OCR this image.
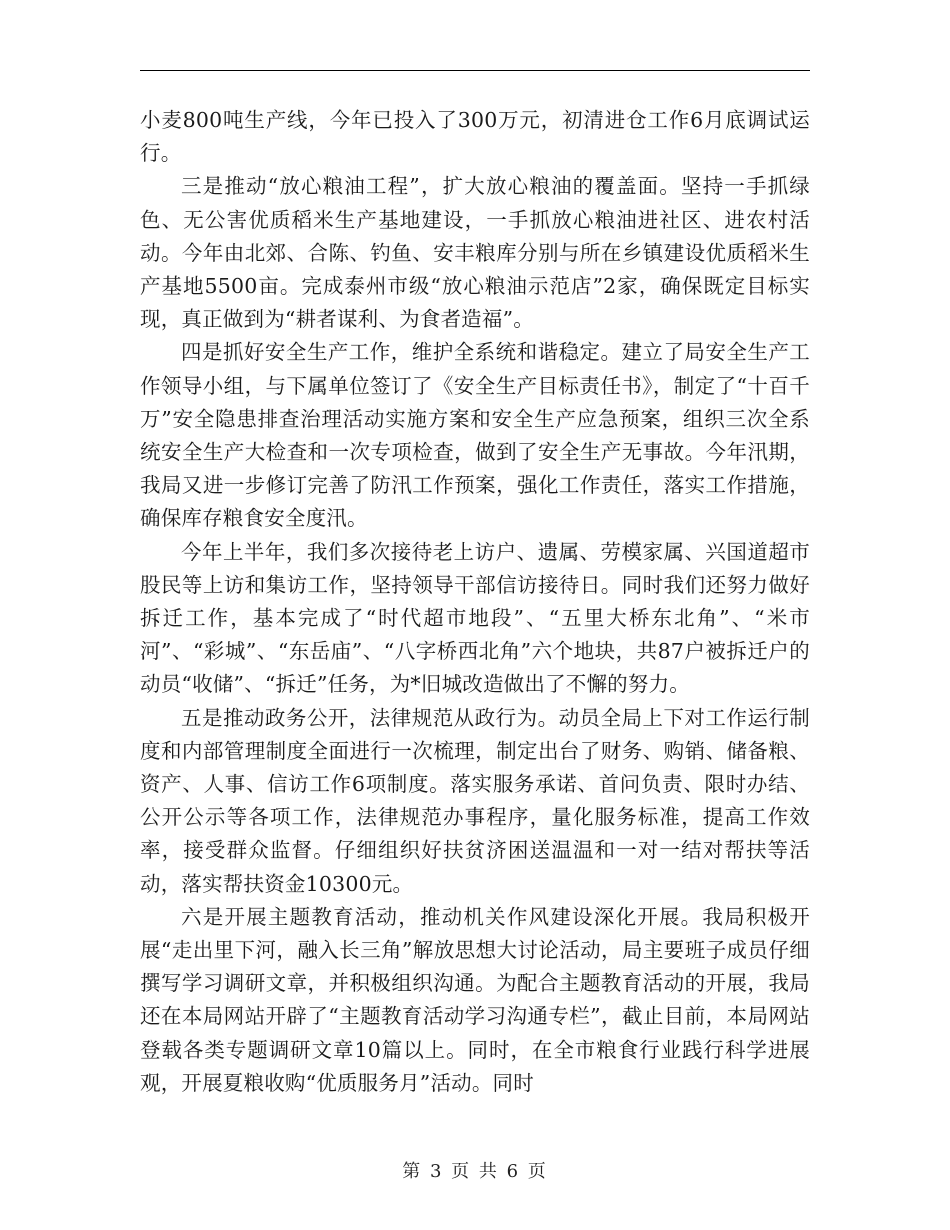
小麦800吨生产线，今年已投入了300万元，初清进仓工作6月底调试运行。

三是推动“放心粮油工程”，扩大放心粮油的覆盖面。坚持一手抓绿色、无公害优质稻米生产基地建设，一手抓放心粮油进社区、进农村活动。今年由北郊、合陈、钓鱼、安丰粮库分别与所在乡镇建设优质稻米生产基地5500亩。完成泰州市级“放心粮油示范店”2家，确保既定目标实现，真正做到为“耕者谋利、为食者造福”。

四是抓好安全生产工作，维护全系统和谐稳定。建立了局安全生产工作领导小组，与下属单位签订了《安全生产目标责任书》，制定了“十百千万”安全隐患排查治理活动实施方案和安全生产应急预案，组织三次全系统安全生产大检查和一次专项检查，做到了安全生产无事故。今年汛期，我局又进一步修订完善了防汛工作预案，强化工作责任，落实工作措施，确保库存粮食安全度汛。

今年上半年，我们多次接待老上访户、遗属、劳模家属、兴国道超市股民等上访和集访工作，坚持领导干部信访接待日。同时我们还努力做好拆迁工作，基本完成了“时代超市地段”、“五里大桥东北角”、“米市河”、“彩城”、“东岳庙”、“八字桥西北角”六个地块，共87户被拆迁户的动员“收储”、“拆迁”任务，为*旧城改造做出了不懈的努力。

五是推动政务公开，法律规范从政行为。动员全局上下对工作运行制度和内部管理制度全面进行一次梳理，制定出台了财务、购销、储备粮、资产、人事、信访工作6项制度。落实服务承诺、首问负责、限时办结、公开公示等各项工作，法律规范办事程序，量化服务标准，提高工作效率，接受群众监督。仔细组织好扶贫济困送温温和一对一结对帮扶等活动，落实帮扶资金10300元。

六是开展主题教育活动，推动机关作风建设深化开展。我局积极开展“走出里下河，融入长三角”解放思想大讨论活动，局主要班子成员仔细撰写学习调研文章，并积极组织沟通。为配合主题教育活动的开展，我局还在本局网站开辟了“主题教育活动学习沟通专栏”，截止目前，本局网站登载各类专题调研文章10篇以上。同时，在全市粮食行业践行科学进展观，开展夏粮收购“优质服务月”活动。同时

第 3 页 共 6 页
